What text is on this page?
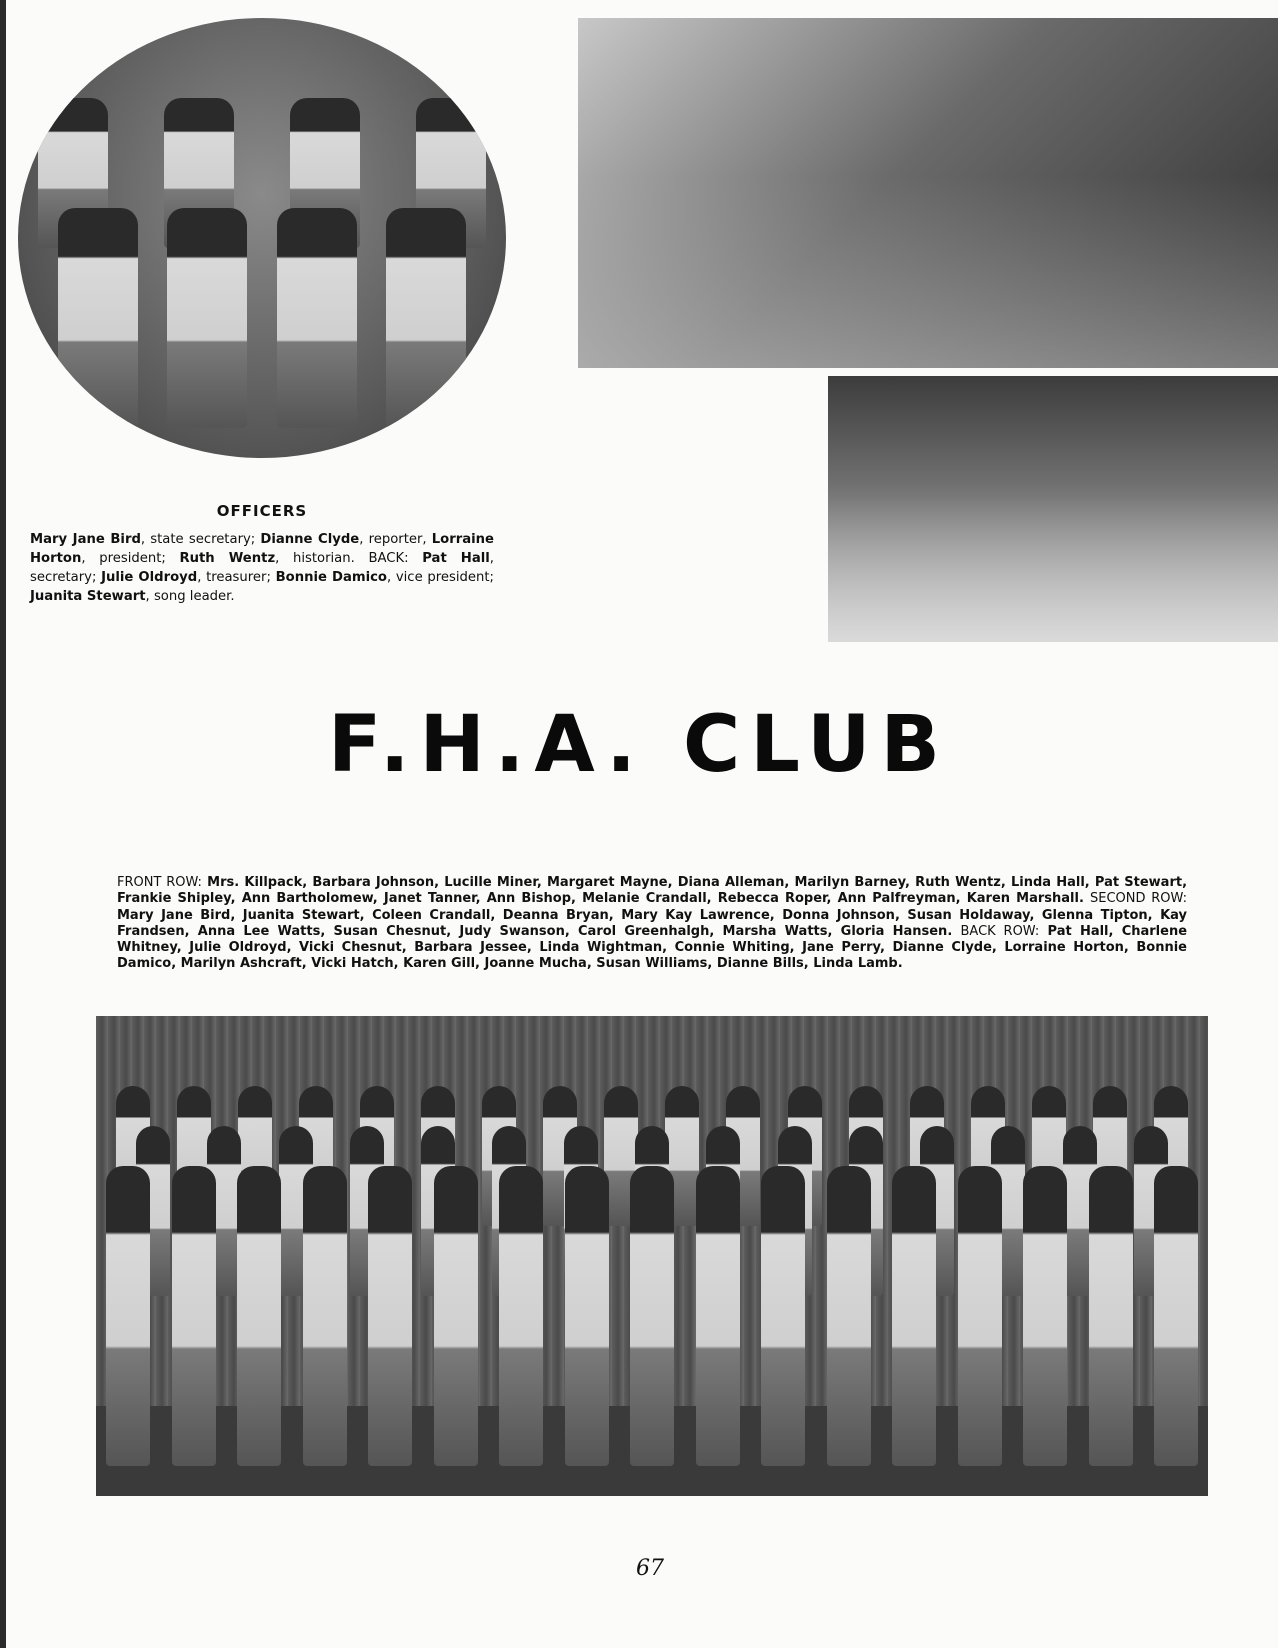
OFFICERS
Mary Jane Bird, state secretary; Dianne Clyde, reporter, Lorraine Horton, president; Ruth Wentz, historian. BACK: Pat Hall, secretary; Julie Oldroyd, treasurer; Bonnie Damico, vice president; Juanita Stewart, song leader.
F.H.A. CLUB
FRONT ROW: Mrs. Killpack, Barbara Johnson, Lucille Miner, Margaret Mayne, Diana Alleman, Marilyn Barney, Ruth Wentz, Linda Hall, Pat Stewart, Frankie Shipley, Ann Bartholomew, Janet Tanner, Ann Bishop, Melanie Crandall, Rebecca Roper, Ann Palfreyman, Karen Marshall. SECOND ROW: Mary Jane Bird, Juanita Stewart, Coleen Crandall, Deanna Bryan, Mary Kay Lawrence, Donna Johnson, Susan Holdaway, Glenna Tipton, Kay Frandsen, Anna Lee Watts, Susan Chesnut, Judy Swanson, Carol Greenhalgh, Marsha Watts, Gloria Hansen. BACK ROW: Pat Hall, Charlene Whitney, Julie Oldroyd, Vicki Chesnut, Barbara Jessee, Linda Wightman, Connie Whiting, Jane Perry, Dianne Clyde, Lorraine Horton, Bonnie Damico, Marilyn Ashcraft, Vicki Hatch, Karen Gill, Joanne Mucha, Susan Williams, Dianne Bills, Linda Lamb.
67
